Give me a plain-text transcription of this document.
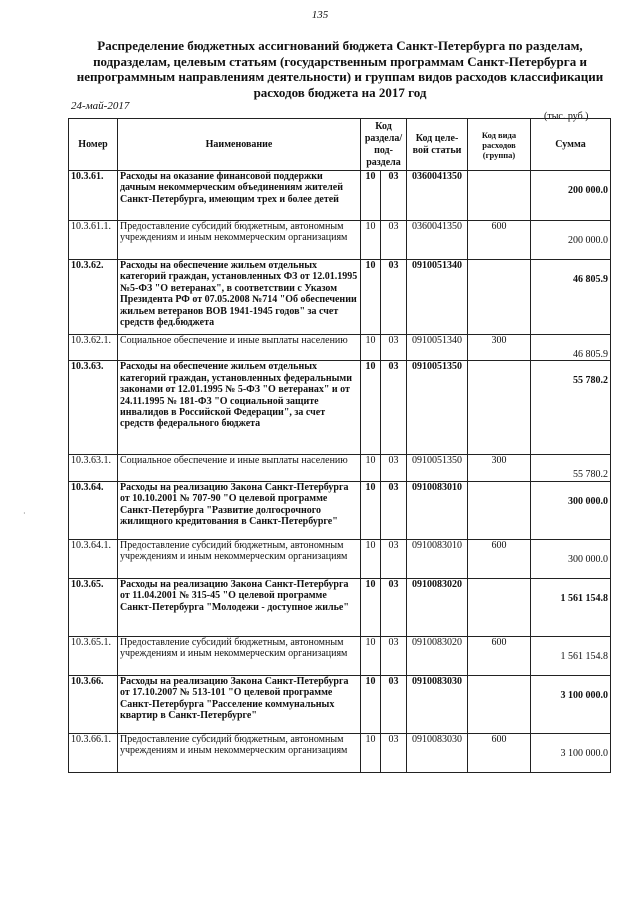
135
Распределение бюджетных ассигнований бюджета Санкт-Петербурга по разделам, подразделам, целевым статьям (государственным программам Санкт-Петербурга и непрограммным направлениям деятельности) и группам видов расходов классификации расходов бюджета на 2017 год
24-май-2017
(тыс. руб.)
·
Номер	Наименование	Код раздела/ под- раздела		Код целе- вой статьи	Код вида расходов (группа)	Сумма
10.3.61.	Расходы на оказание финансовой поддержки дачным некоммерческим объединениям жителей Санкт-Петербурга, имеющим трех и более детей	10	03	0360041350		200 000.0
10.3.61.1.	Предоставление субсидий бюджетным, автономным учреждениям и иным некоммерческим организациям	10	03	0360041350	600	200 000.0
10.3.62.	Расходы на обеспечение жильем отдельных категорий граждан, установленных ФЗ от 12.01.1995 №5-ФЗ "О ветеранах", в соответствии с Указом Президента РФ от 07.05.2008 №714 "Об обеспечении жильем ветеранов ВОВ 1941-1945 годов" за счет средств фед.бюджета	10	03	0910051340		46 805.9
10.3.62.1.	Социальное обеспечение и иные выплаты населению	10	03	0910051340	300	46 805.9
10.3.63.	Расходы на обеспечение жильем отдельных категорий граждан, установленных федеральными законами от 12.01.1995 № 5-ФЗ "О ветеранах" и от 24.11.1995 № 181-ФЗ "О социальной защите инвалидов в Российской Федерации", за счет средств федерального бюджета	10	03	0910051350		55 780.2
10.3.63.1.	Социальное обеспечение и иные выплаты населению	10	03	0910051350	300	55 780.2
10.3.64.	Расходы на реализацию Закона Санкт-Петербурга от 10.10.2001 № 707-90 "О целевой программе Санкт-Петербурга "Развитие долгосрочного жилищного кредитования в Санкт-Петербурге"	10	03	0910083010		300 000.0
10.3.64.1.	Предоставление субсидий бюджетным, автономным учреждениям и иным некоммерческим организациям	10	03	0910083010	600	300 000.0
10.3.65.	Расходы на реализацию Закона Санкт-Петербурга от 11.04.2001 № 315-45 "О целевой программе Санкт-Петербурга "Молодежи - доступное жилье"	10	03	0910083020		1 561 154.8
10.3.65.1.	Предоставление субсидий бюджетным, автономным учреждениям и иным некоммерческим организациям	10	03	0910083020	600	1 561 154.8
10.3.66.	Расходы на реализацию Закона Санкт-Петербурга от 17.10.2007 № 513-101 "О целевой программе Санкт-Петербурга "Расселение коммунальных квартир в Санкт-Петербурге"	10	03	0910083030		3 100 000.0
10.3.66.1.	Предоставление субсидий бюджетным, автономным учреждениям и иным некоммерческим организациям	10	03	0910083030	600	3 100 000.0
